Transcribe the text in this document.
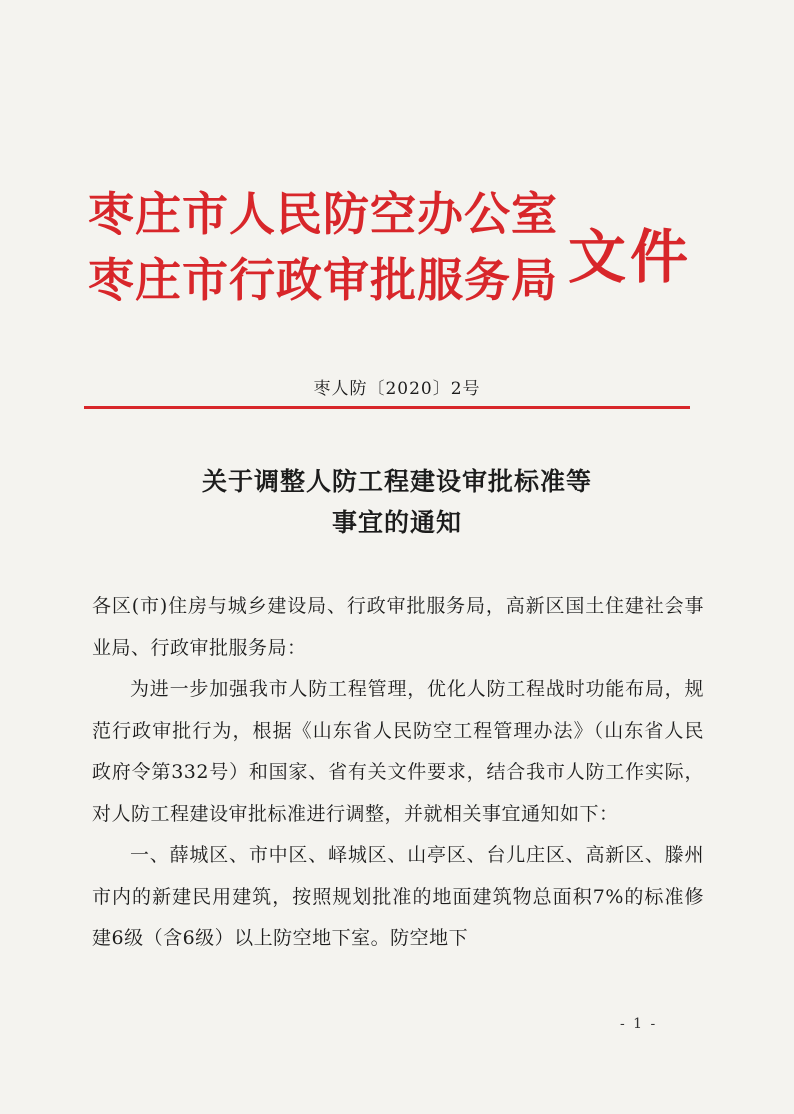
枣庄市人民防空办公室
枣庄市行政审批服务局 文件
枣人防〔2020〕2号
关于调整人防工程建设审批标准等
事宜的通知

各区(市)住房与城乡建设局、行政审批服务局，高新区国土住建社会事业局、行政审批服务局：

为进一步加强我市人防工程管理，优化人防工程战时功能布局，规范行政审批行为，根据《山东省人民防空工程管理办法》（山东省人民政府令第332号）和国家、省有关文件要求，结合我市人防工作实际，对人防工程建设审批标准进行调整，并就相关事宜通知如下：

一、薛城区、市中区、峄城区、山亭区、台儿庄区、高新区、滕州市内的新建民用建筑，按照规划批准的地面建筑物总面积7%的标准修建6级（含6级）以上防空地下室。防空地下

- 1 -
